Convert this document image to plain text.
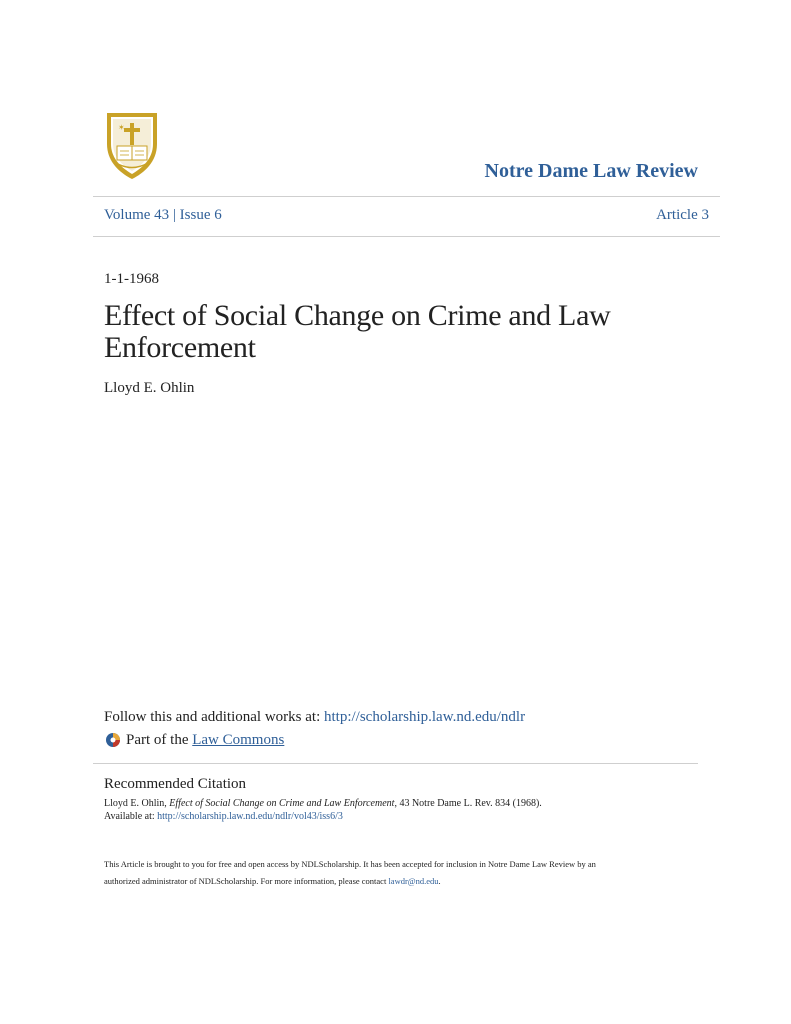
✶
Notre Dame Law Review
Volume 43 | Issue 6	Article 3
1-1-1968
Effect of Social Change on Crime and Law
Enforcement
Lloyd E. Ohlin
Follow this and additional works at: http://scholarship.law.nd.edu/ndlr
Part of the
Law Commons
Recommended Citation
Lloyd E. Ohlin, Effect of Social Change on Crime and Law Enforcement, 43 Notre Dame L. Rev. 834 (1968).
Available at: http://scholarship.law.nd.edu/ndlr/vol43/iss6/3
This Article is brought to you for free and open access by NDLScholarship. It has been accepted for inclusion in Notre Dame Law Review by an
authorized administrator of NDLScholarship. For more information, please contact lawdr@nd.edu.
